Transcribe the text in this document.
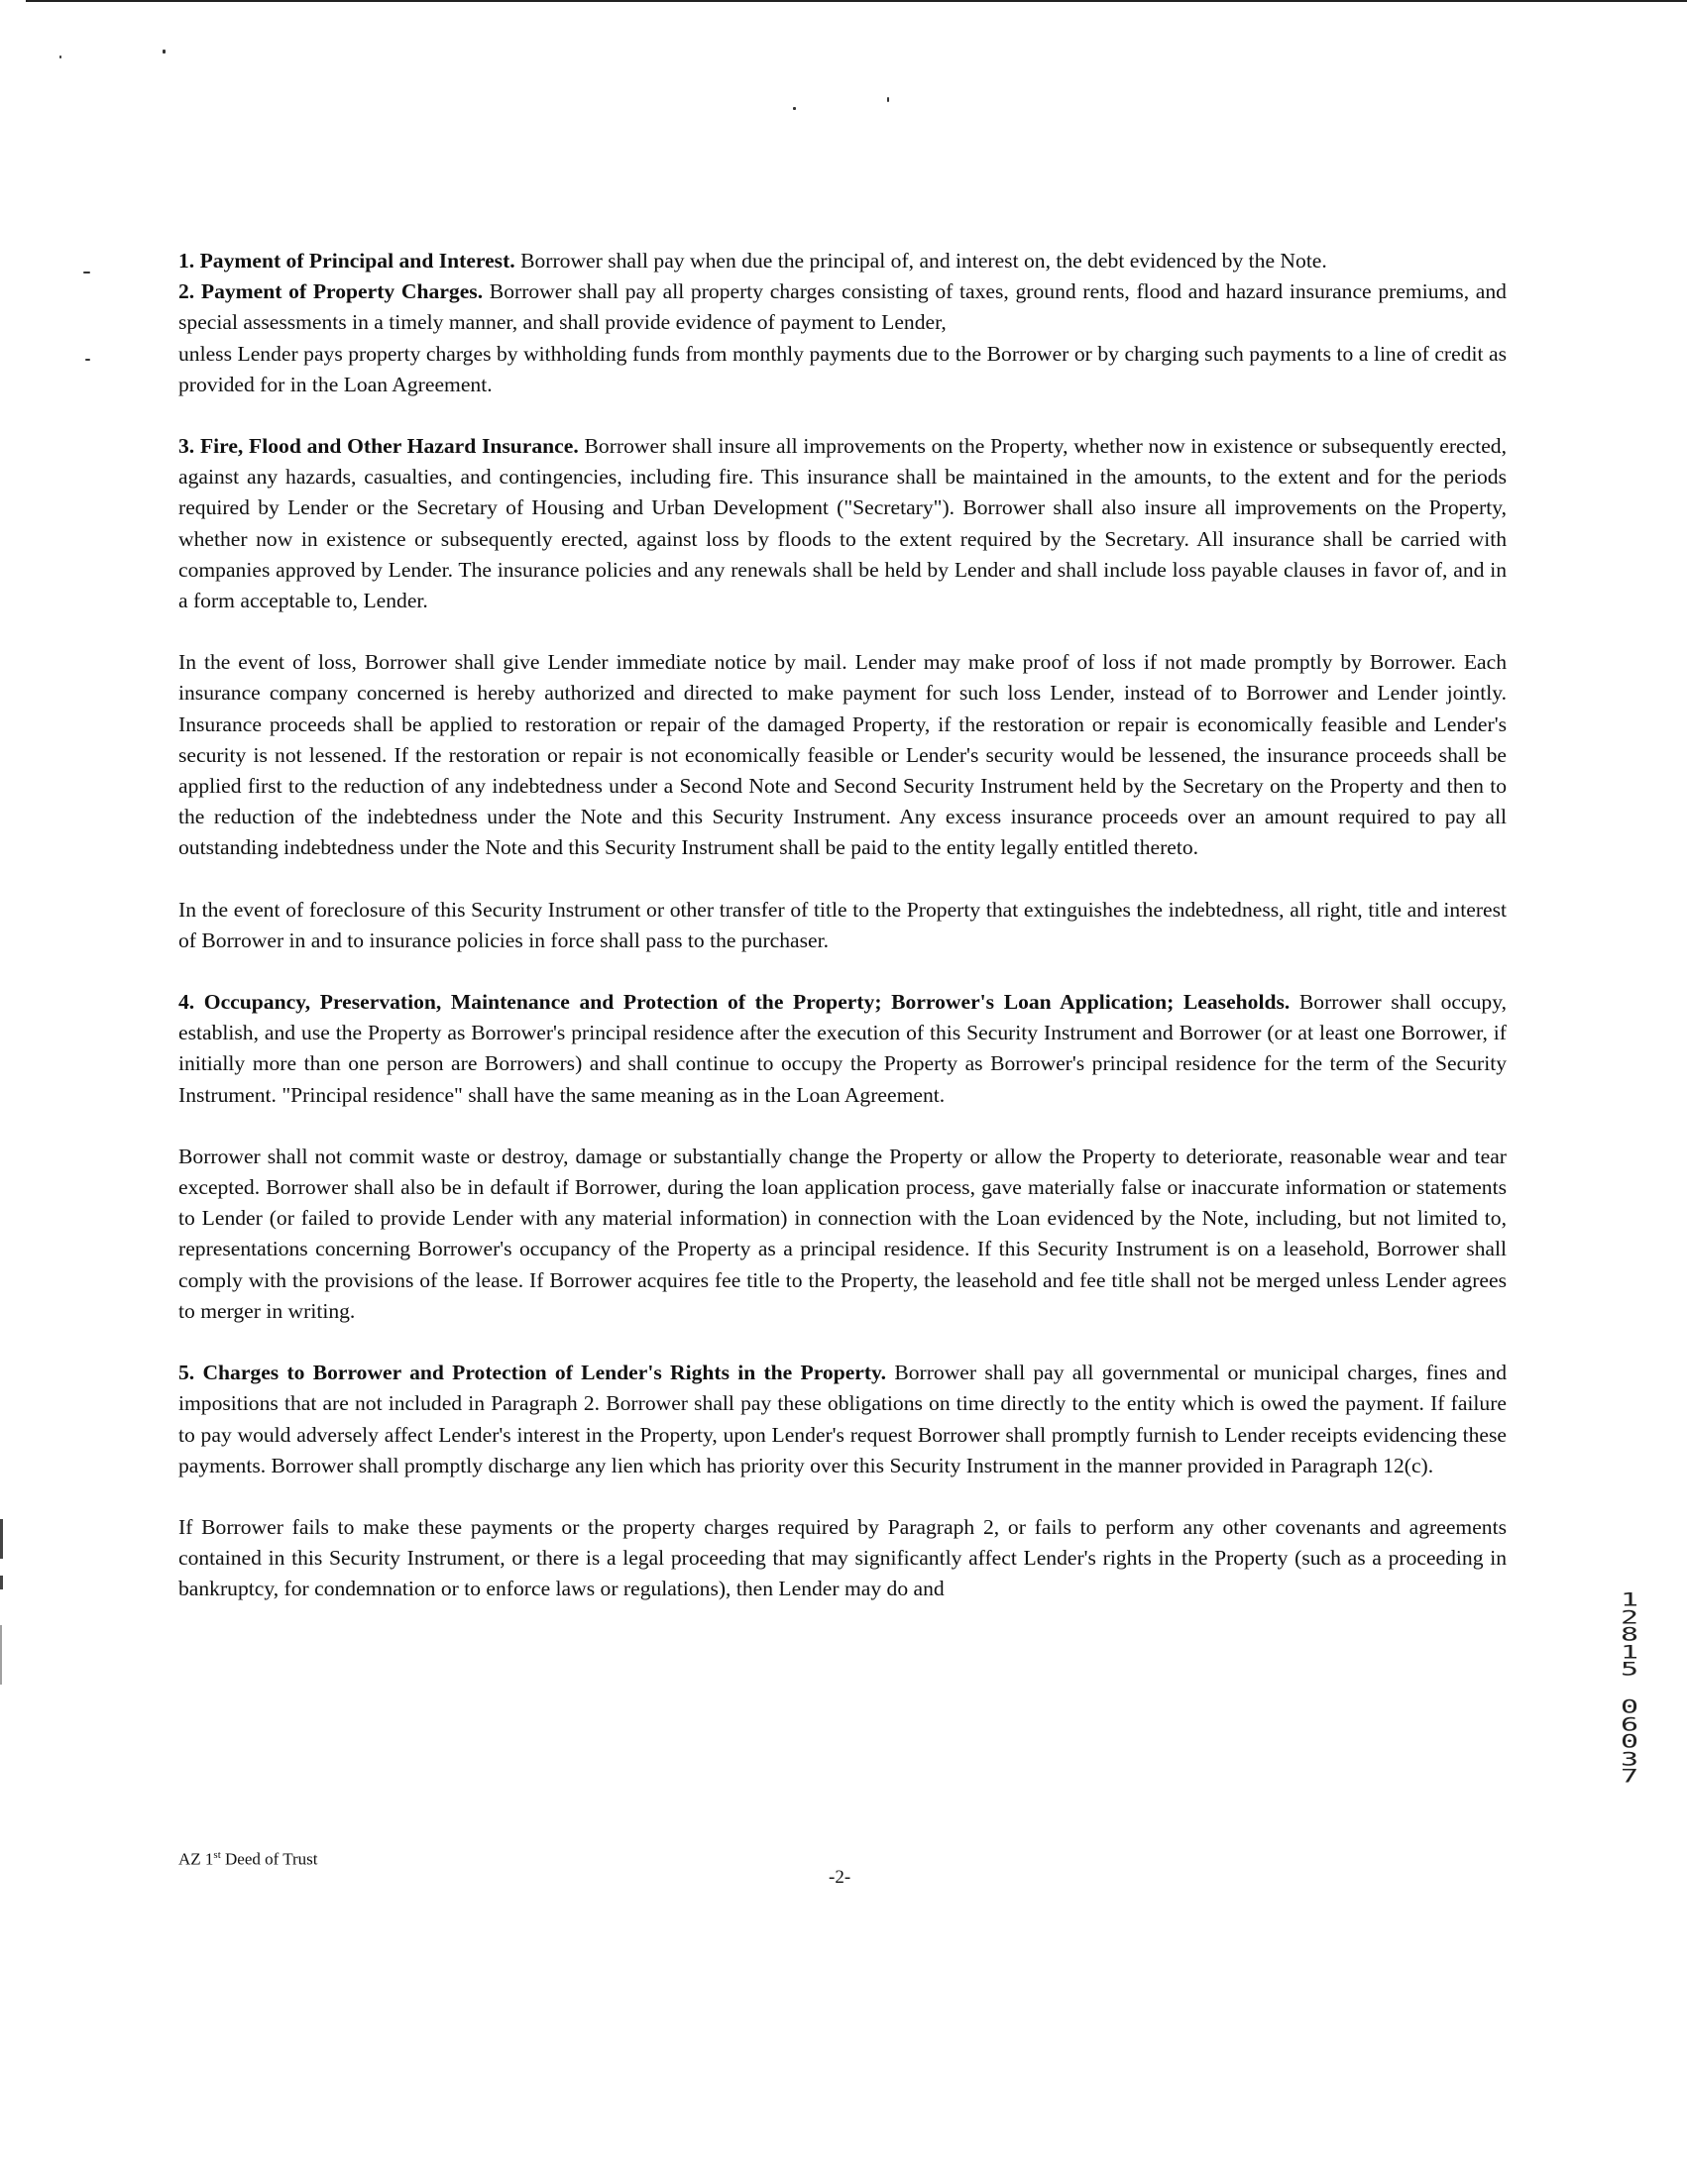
1. Payment of Principal and Interest. Borrower shall pay when due the principal of, and interest on, the debt evidenced by the Note.

2. Payment of Property Charges. Borrower shall pay all property charges consisting of taxes, ground rents, flood and hazard insurance premiums, and special assessments in a timely manner, and shall provide evidence of payment to Lender,

unless Lender pays property charges by withholding funds from monthly payments due to the Borrower or by charging such payments to a line of credit as provided for in the Loan Agreement.

3. Fire, Flood and Other Hazard Insurance. Borrower shall insure all improvements on the Property, whether now in existence or subsequently erected, against any hazards, casualties, and contingencies, including fire. This insurance shall be maintained in the amounts, to the extent and for the periods required by Lender or the Secretary of Housing and Urban Development ("Secretary"). Borrower shall also insure all improvements on the Property, whether now in existence or subsequently erected, against loss by floods to the extent required by the Secretary. All insurance shall be carried with companies approved by Lender. The insurance policies and any renewals shall be held by Lender and shall include loss payable clauses in favor of, and in a form acceptable to, Lender.

In the event of loss, Borrower shall give Lender immediate notice by mail. Lender may make proof of loss if not made promptly by Borrower. Each insurance company concerned is hereby authorized and directed to make payment for such loss Lender, instead of to Borrower and Lender jointly. Insurance proceeds shall be applied to restoration or repair of the damaged Property, if the restoration or repair is economically feasible and Lender's security is not lessened. If the restoration or repair is not economically feasible or Lender's security would be lessened, the insurance proceeds shall be applied first to the reduction of any indebtedness under a Second Note and Second Security Instrument held by the Secretary on the Property and then to the reduction of the indebtedness under the Note and this Security Instrument. Any excess insurance proceeds over an amount required to pay all outstanding indebtedness under the Note and this Security Instrument shall be paid to the entity legally entitled thereto.

In the event of foreclosure of this Security Instrument or other transfer of title to the Property that extinguishes the indebtedness, all right, title and interest of Borrower in and to insurance policies in force shall pass to the purchaser.

4. Occupancy, Preservation, Maintenance and Protection of the Property; Borrower's Loan Application; Leaseholds. Borrower shall occupy, establish, and use the Property as Borrower's principal residence after the execution of this Security Instrument and Borrower (or at least one Borrower, if initially more than one person are Borrowers) and shall continue to occupy the Property as Borrower's principal residence for the term of the Security Instrument. "Principal residence" shall have the same meaning as in the Loan Agreement.

Borrower shall not commit waste or destroy, damage or substantially change the Property or allow the Property to deteriorate, reasonable wear and tear excepted. Borrower shall also be in default if Borrower, during the loan application process, gave materially false or inaccurate information or statements to Lender (or failed to provide Lender with any material information) in connection with the Loan evidenced by the Note, including, but not limited to, representations concerning Borrower's occupancy of the Property as a principal residence. If this Security Instrument is on a leasehold, Borrower shall comply with the provisions of the lease. If Borrower acquires fee title to the Property, the leasehold and fee title shall not be merged unless Lender agrees to merger in writing.

5. Charges to Borrower and Protection of Lender's Rights in the Property. Borrower shall pay all governmental or municipal charges, fines and impositions that are not included in Paragraph 2. Borrower shall pay these obligations on time directly to the entity which is owed the payment. If failure to pay would adversely affect Lender's interest in the Property, upon Lender's request Borrower shall promptly furnish to Lender receipts evidencing these payments. Borrower shall promptly discharge any lien which has priority over this Security Instrument in the manner provided in Paragraph 12(c).

If Borrower fails to make these payments or the property charges required by Paragraph 2, or fails to perform any other covenants and agreements contained in this Security Instrument, or there is a legal proceeding that may significantly affect Lender's rights in the Property (such as a proceeding in bankruptcy, for condemnation or to enforce laws or regulations), then Lender may do and

AZ 1st Deed of Trust
-2-
1
2
8
1
5
0
6
0
3
7
